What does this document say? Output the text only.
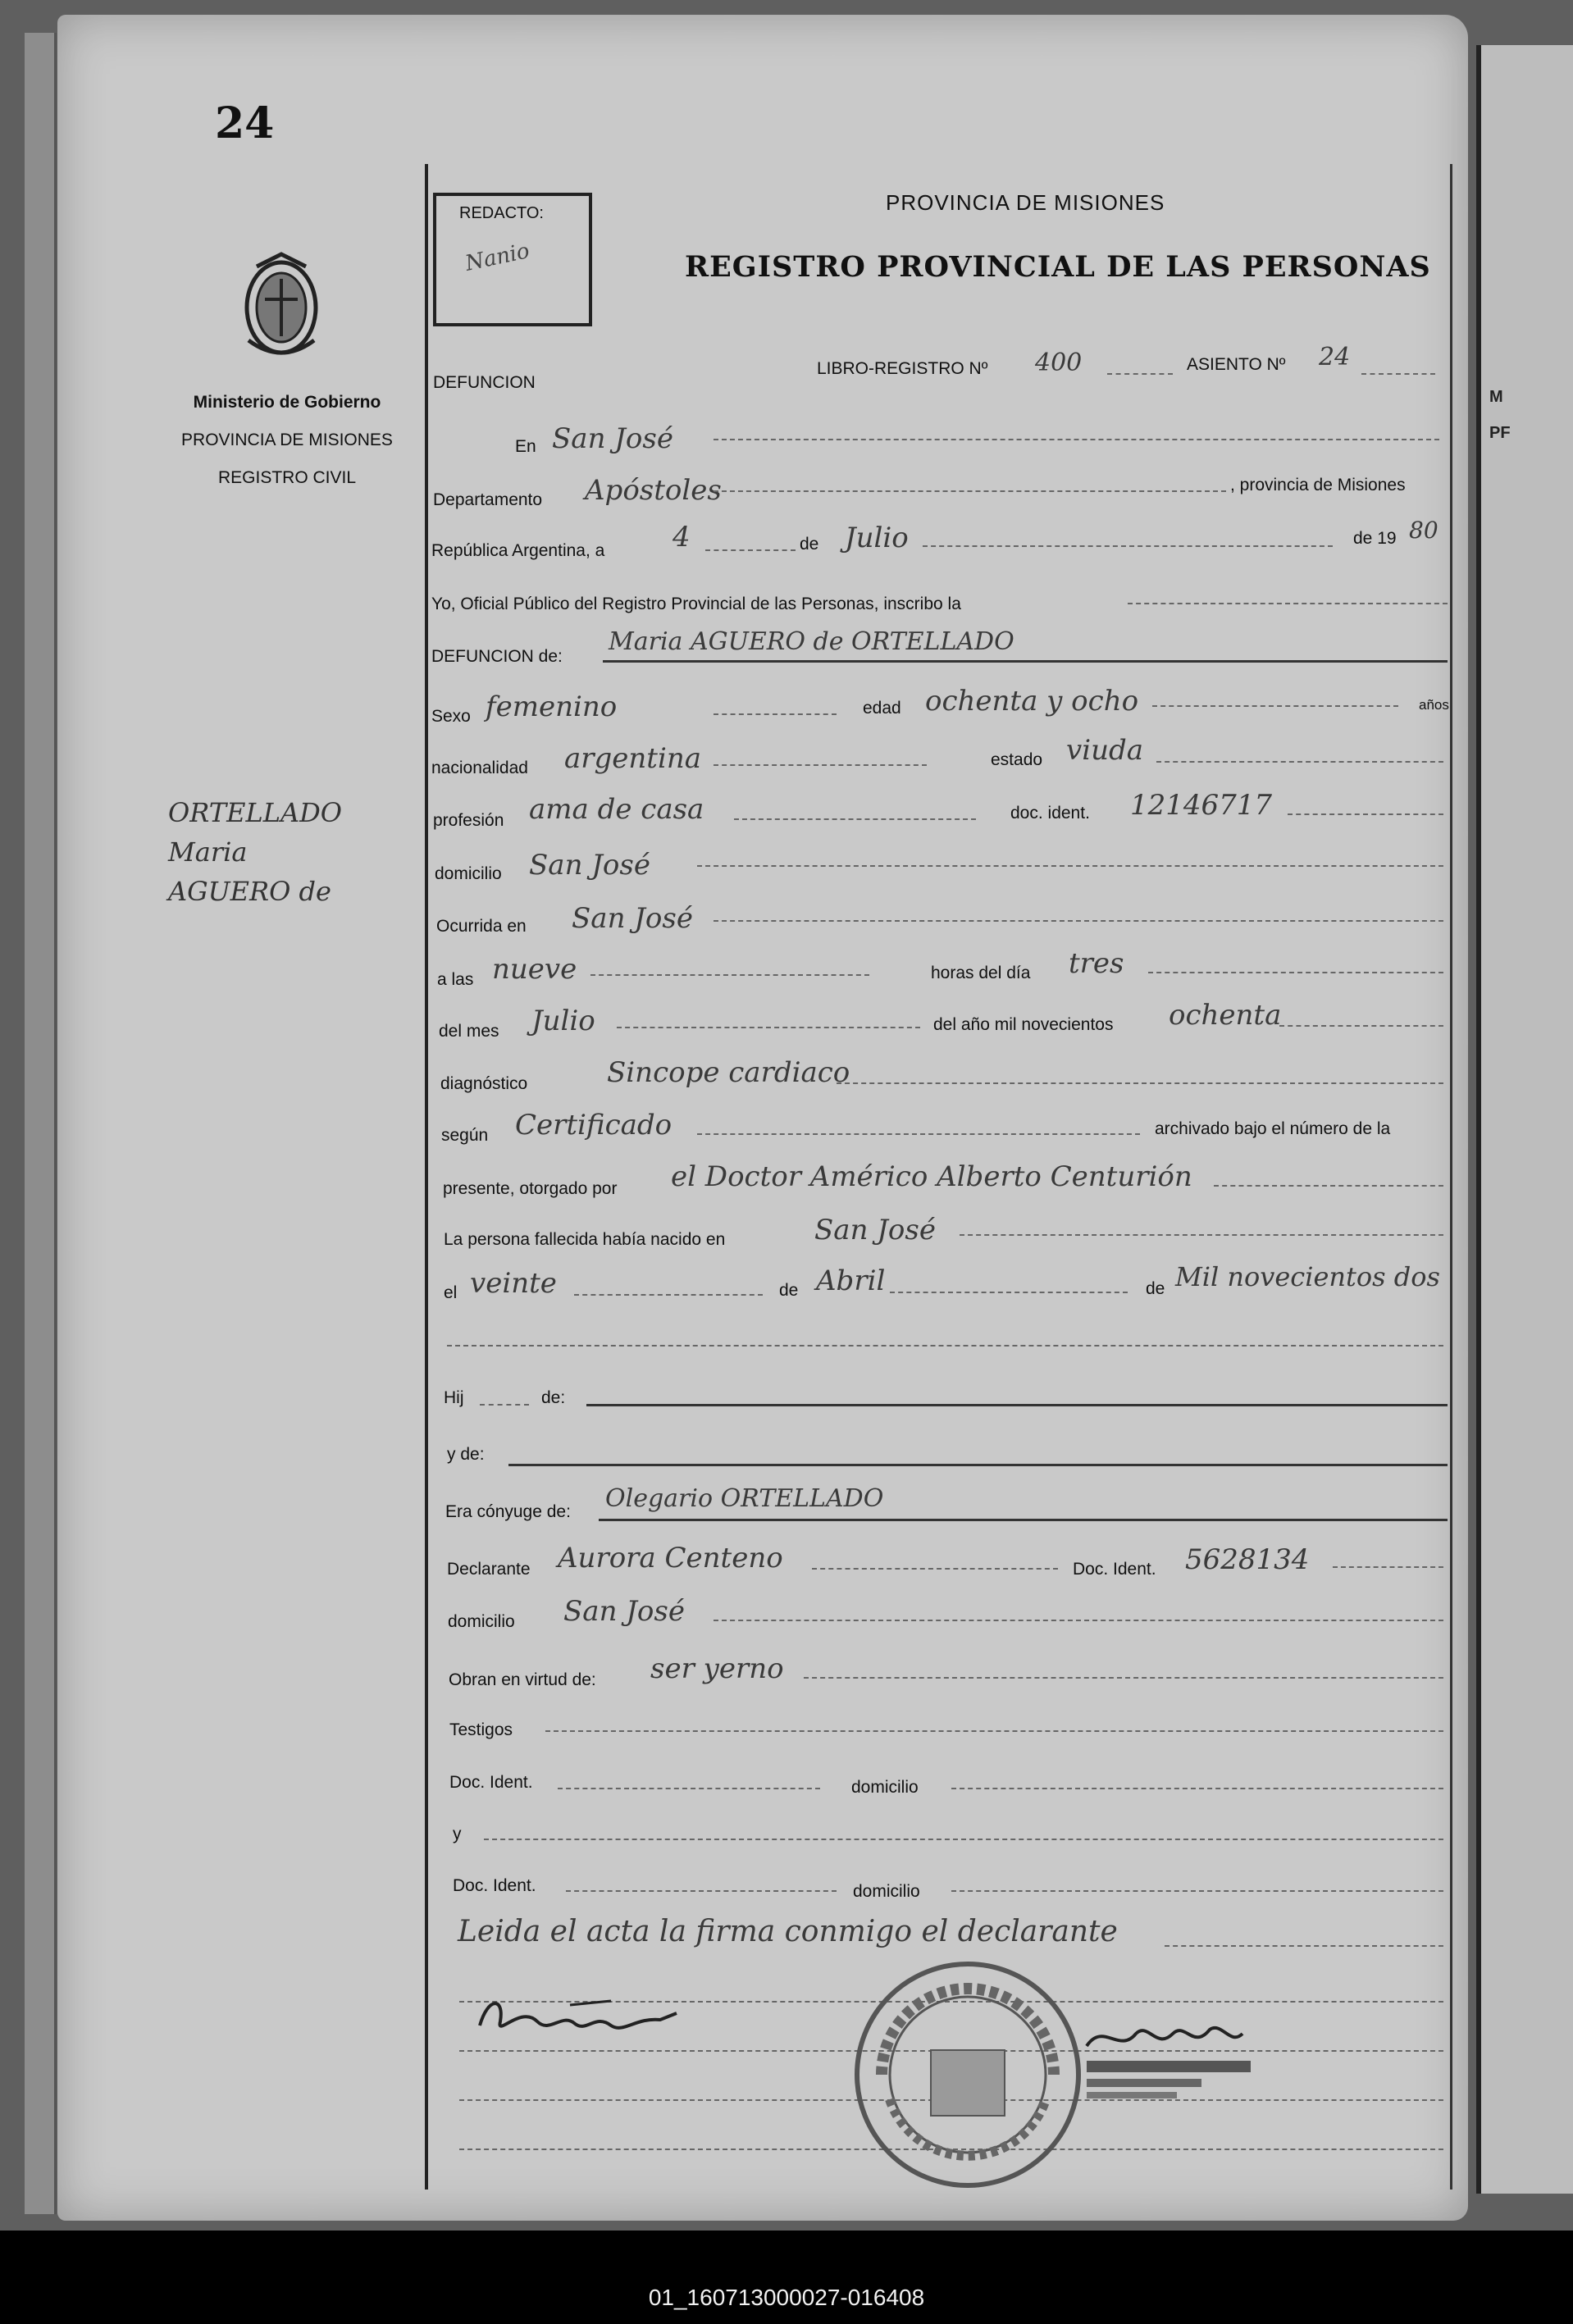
M
PF
24
Ministerio de Gobierno
PROVINCIA DE MISIONES
REGISTRO CIVIL
ORTELLADO
Maria
AGUERO de
REDACTO:
Nanio
PROVINCIA DE MISIONES
REGISTRO PROVINCIAL DE LAS PERSONAS
DEFUNCION
LIBRO-REGISTRO Nº 400	ASIENTO Nº 24
En San José
Departamento Apóstoles	, provincia de Misiones
República Argentina, a 4	de Julio	de 19 80
Yo, Oficial Público del Registro Provincial de las Personas, inscribo la
DEFUNCION de:
Maria AGUERO de ORTELLADO
Sexo femenino	edad ochenta y ocho	años
nacionalidad argentina	estado viuda
profesión ama de casa	doc. ident. 12146717
domicilio San José
Ocurrida en San José
a las nueve	horas del día tres
del mes Julio	del año mil novecientos ochenta
diagnóstico	Sincope cardiaco
según Certificado	archivado bajo el número de la
presente, otorgado por el Doctor Américo Alberto Centurión
La persona fallecida había nacido en	San José
el veinte	de Abril	de Mil novecientos dos
Hij	de:
y de:
Era cónyuge de: Olegario ORTELLADO
Declarante Aurora Centeno	Doc. Ident. 5628134
domicilio San José
Obran en virtud de: ser yerno
Testigos
Doc. Ident.	domicilio
y
Doc. Ident.	domicilio
Leida el acta la firma conmigo el declarante
01_160713000027-016408
